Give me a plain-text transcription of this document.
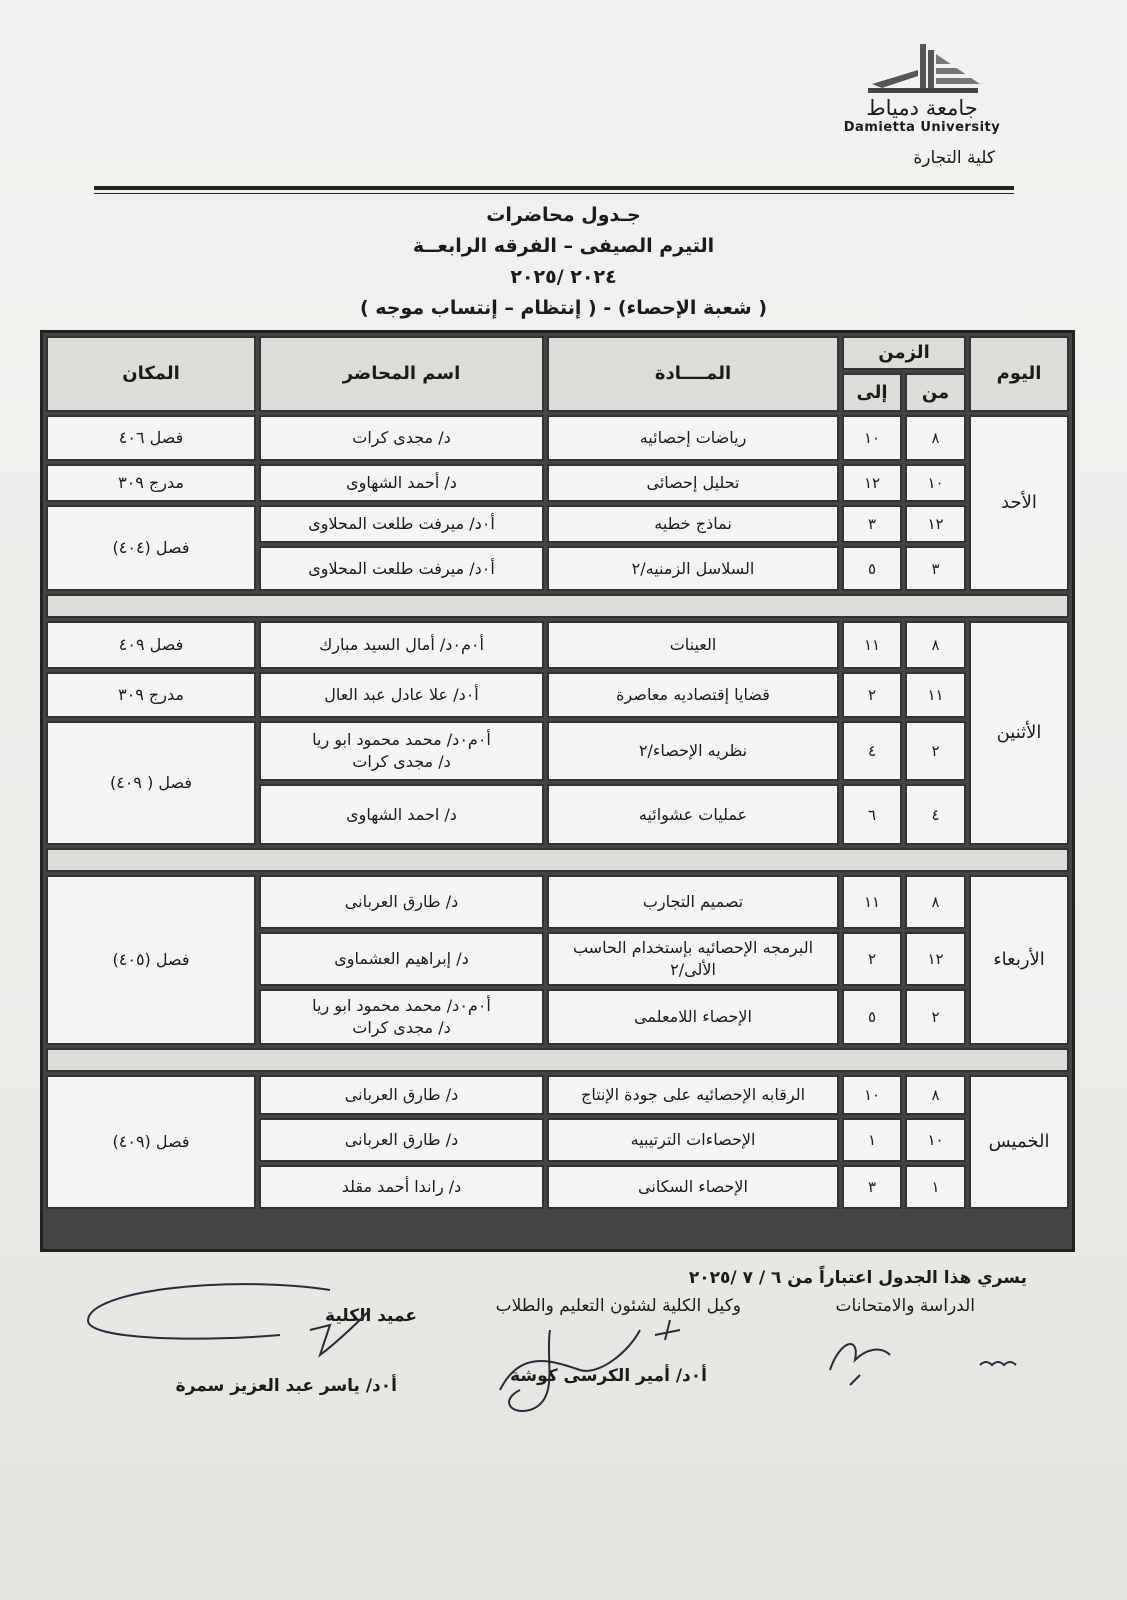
جامعة دمياط
Damietta University
كلية التجارة
جـدول محاضرات
التيرم الصيفى – الفرقه الرابعــة
٢٠٢٤ /٢٠٢٥
( شعبة الإحصاء) - ( إنتظام – إنتساب موجه )
اليوم
الزمن
من
إلى
المــــادة
اسم المحاضر
المكان
الأحد
٨
١٠
رياضات إحصائيه
د/ مجدى كرات
فصل ٤٠٦
١٠
١٢
تحليل إحصائى
د/ أحمد الشهاوى
مدرج ٣٠٩
١٢
٣
نماذج خطيه
أ٠د/ ميرفت طلعت المحلاوى
فصل (٤٠٤)
٣
٥
السلاسل الزمنيه/٢
أ٠د/ ميرفت طلعت المحلاوى
الأثنين
٨
١١
العينات
أ٠م٠د/ أمال السيد مبارك
فصل ٤٠٩
١١
٢
قضايا إقتصاديه معاصرة
أ٠د/ علا عادل عبد العال
مدرج ٣٠٩
٢
٤
نظريه الإحصاء/٢
أ٠م٠د/ محمد محمود ابو ريا
د/ مجدى كرات
فصل ( ٤٠٩)
٤
٦
عمليات عشوائيه
د/ احمد الشهاوى
الأربعاء
٨
١١
تصميم التجارب
د/ طارق العربانى
١٢
٢
البرمجه الإحصائيه بإستخدام الحاسب
الألى/٢
د/ إبراهيم العشماوى
٢
٥
الإحصاء اللامعلمى
أ٠م٠د/ محمد محمود ابو ريا
د/ مجدى كرات
فصل (٤٠٥)
الخميس
٨
١٠
الرقابه الإحصائيه على جودة الإنتاج
د/ طارق العربانى
١٠
١
الإحصاءات الترتيبيه
د/ طارق العربانى
١
٣
الإحصاء السكانى
د/ راندا أحمد مقلد
فصل (٤٠٩)
يسري هذا الجدول اعتباراً من ٦ / ٧ /٢٠٢٥
الدراسة والامتحانات
وكيل الكلية لشئون التعليم والطلاب
عميد الكلية
أ٠د/ أمير الكرسى كوشة
أ٠د/ ياسر عبد العزيز سمرة
